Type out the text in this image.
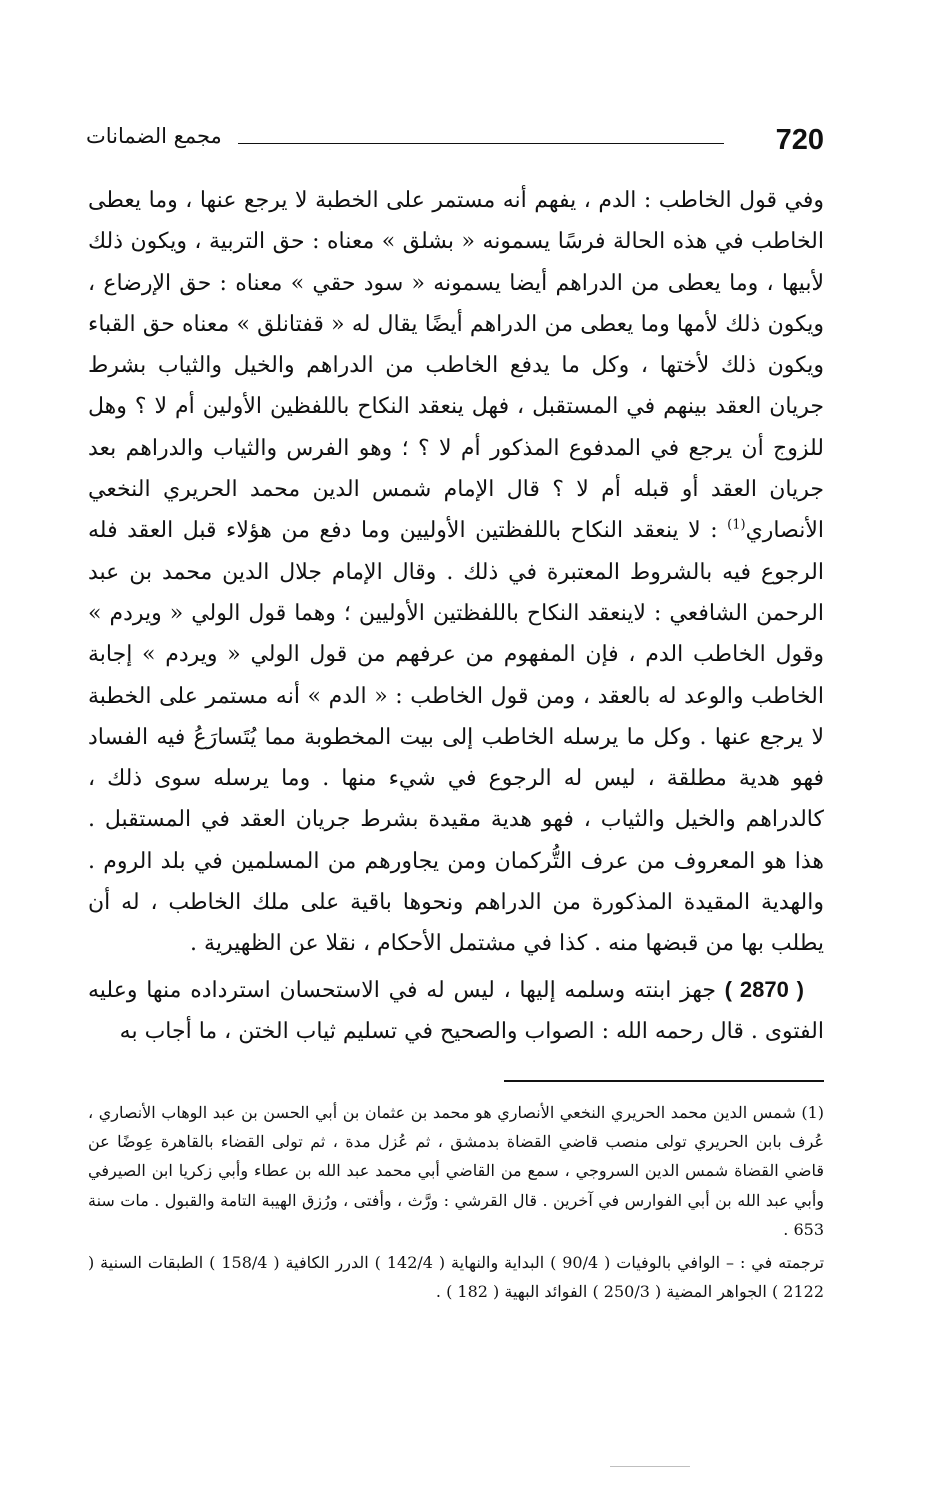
720
مجمع الضمانات

وفي قول الخاطب : الدم ، يفهم أنه مستمر على الخطبة لا يرجع عنها ، وما يعطى الخاطب في هذه الحالة فرسًا يسمونه « بشلق » معناه : حق التربية ، ويكون ذلك لأبيها ، وما يعطى من الدراهم أيضا يسمونه « سود حقي » معناه : حق الإرضاع ، ويكون ذلك لأمها وما يعطى من الدراهم أيضًا يقال له « قفتانلق » معناه حق القباء ويكون ذلك لأختها ، وكل ما يدفع الخاطب من الدراهم والخيل والثياب بشرط جريان العقد بينهم في المستقبل ، فهل ينعقد النكاح باللفظين الأولين أم لا ؟ وهل للزوج أن يرجع في المدفوع المذكور أم لا ؟ ؛ وهو الفرس والثياب والدراهم بعد جريان العقد أو قبله أم لا ؟ قال الإمام شمس الدين محمد الحريري النخعي الأنصاري$^{(1)}$ : لا ينعقد النكاح باللفظتين الأوليين وما دفع من هؤلاء قبل العقد فله الرجوع فيه بالشروط المعتبرة في ذلك . وقال الإمام جلال الدين محمد بن عبد الرحمن الشافعي : لاينعقد النكاح باللفظتين الأوليين ؛ وهما قول الولي « ويردم » وقول الخاطب الدم ، فإن المفهوم من عرفهم من قول الولي « ويردم » إجابة الخاطب والوعد له بالعقد ، ومن قول الخاطب : « الدم » أنه مستمر على الخطبة لا يرجع عنها . وكل ما يرسله الخاطب إلى بيت المخطوبة مما يُتَسارَعُ فيه الفساد فهو هدية مطلقة ، ليس له الرجوع في شيء منها . وما يرسله سوى ذلك ، كالدراهم والخيل والثياب ، فهو هدية مقيدة بشرط جريان العقد في المستقبل . هذا هو المعروف من عرف التُّركمان ومن يجاورهم من المسلمين في بلد الروم . والهدية المقيدة المذكورة من الدراهم ونحوها باقية على ملك الخاطب ، له أن يطلب بها من قبضها منه . كذا في مشتمل الأحكام ، نقلا عن الظهيرية .

( 2870 ) جهز ابنته وسلمه إليها ، ليس له في الاستحسان استرداده منها وعليه الفتوى . قال رحمه الله : الصواب والصحيح في تسليم ثياب الختن ، ما أجاب به

(1) شمس الدين محمد الحريري النخعي الأنصاري هو محمد بن عثمان بن أبي الحسن بن عبد الوهاب الأنصاري ، عُرف بابن الحريري تولى منصب قاضي القضاة بدمشق ، ثم عُزل مدة ، ثم تولى القضاء بالقاهرة عِوضًا عن قاضي القضاة شمس الدين السروجي ، سمع من القاضي أبي محمد عبد الله بن عطاء وأبي زكريا ابن الصيرفي وأبي عبد الله بن أبي الفوارس في آخرين . قال القرشي : ورَّث ، وأفتى ، ورُزق الهيبة التامة والقبول . مات سنة 653 .

ترجمته في : – الوافي بالوفيات ( 90/4 ) البداية والنهاية ( 142/4 ) الدرر الكافية ( 158/4 ) الطبقات السنية ( 2122 ) الجواهر المضية ( 250/3 ) الفوائد البهية ( 182 ) .
